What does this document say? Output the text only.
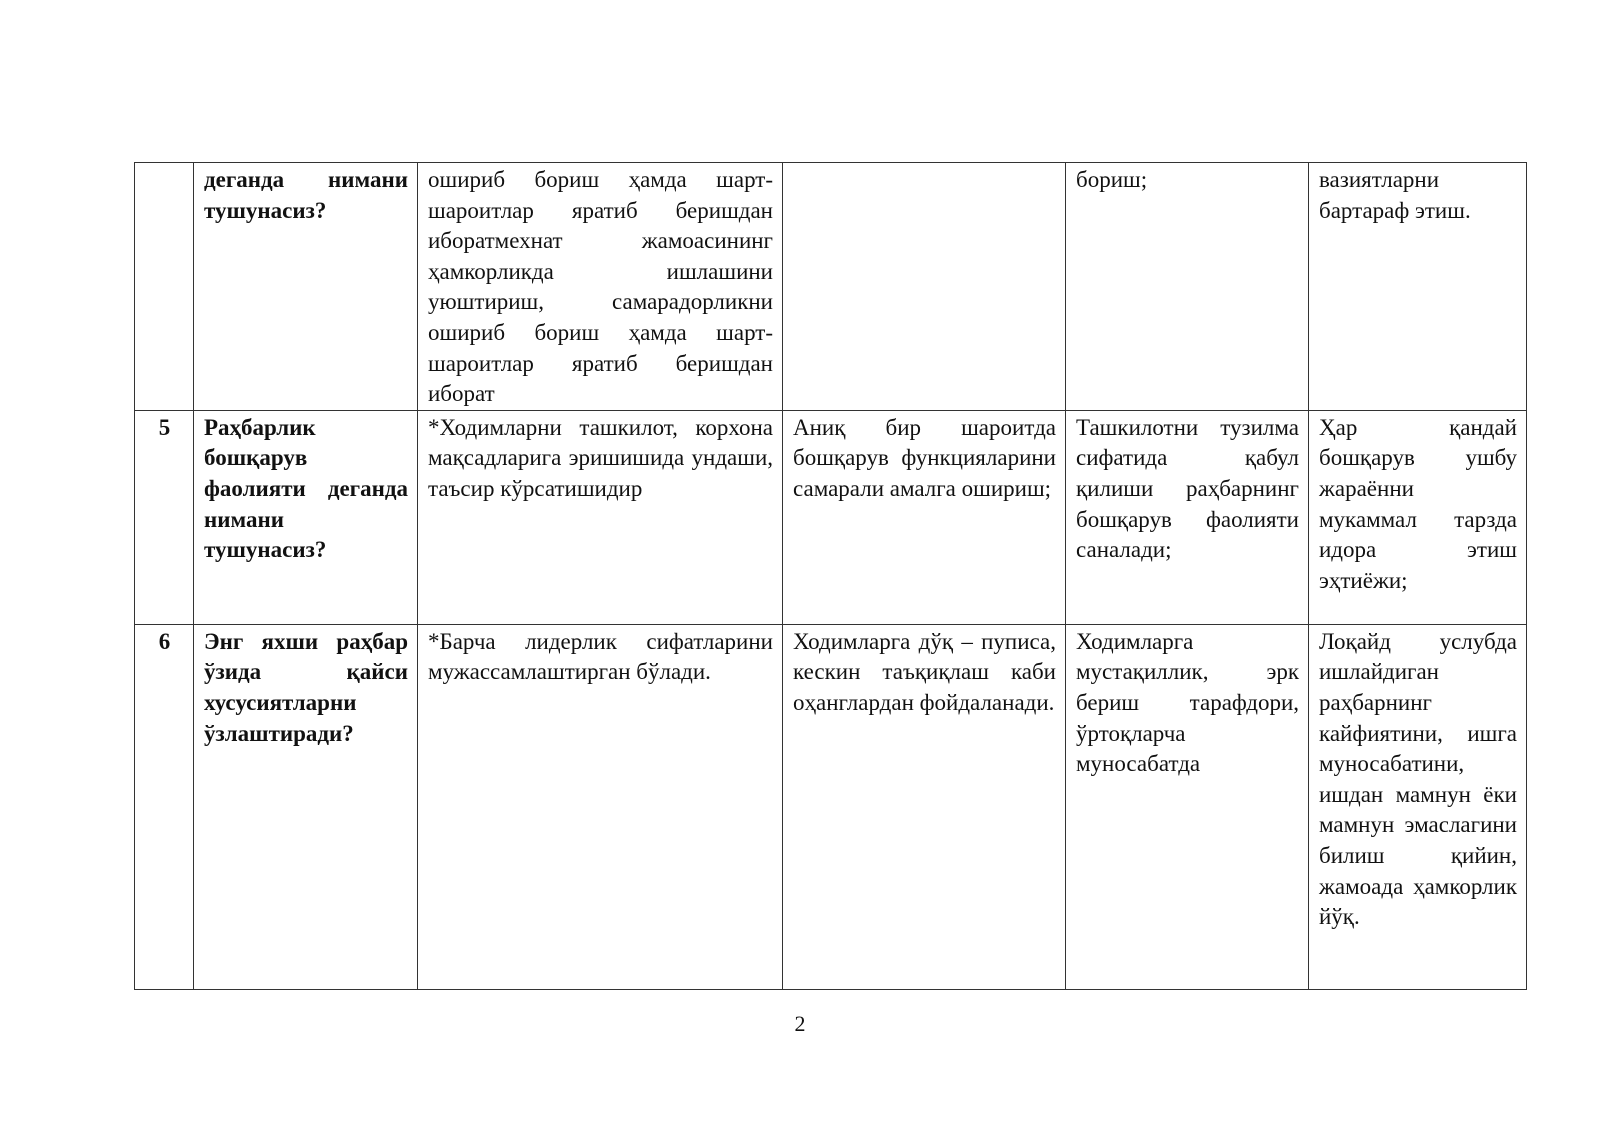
	деганда нимани тушунасиз?	ошириб бориш ҳамда шарт-шароитлар яратиб беришдан иборатмехнат жамоасининг ҳамкорликда ишлашини уюштириш, самарадорликни ошириб бориш ҳамда шарт-шароитлар яратиб беришдан иборат		бориш;	вазиятларни бартараф этиш.
5	Раҳбарлик бошқарув фаолияти деганда нимани тушунасиз?	*Ходимларни ташкилот, корхона мақсадларига эришишида ундаши, таъсир кўрсатишидир	Аниқ бир шароитда бошқарув функцияларини самарали амалга ошириш;	Ташкилотни тузилма сифатида қабул қилиши раҳбарнинг бошқарув фаолияти саналади;	Ҳар қандай бошқарув ушбу жараённи мукаммал тарзда идора этиш эҳтиёжи;
6	Энг яхши раҳбар ўзида қайси хусусиятларни ўзлаштиради?	*Барча лидерлик сифатларини мужассамлаштирган бўлади.	Ходимларга дўқ – пуписа, кескин таъқиқлаш каби оҳанглардан фойдаланади.	Ходимларга мустақиллик, эрк бериш тарафдори, ўртоқларча муносабатда	Лоқайд услубда ишлайдиган раҳбарнинг кайфиятини, ишга муносабатини, ишдан мамнун ёки мамнун эмаслагини билиш қийин, жамоада ҳамкорлик йўқ.
2
